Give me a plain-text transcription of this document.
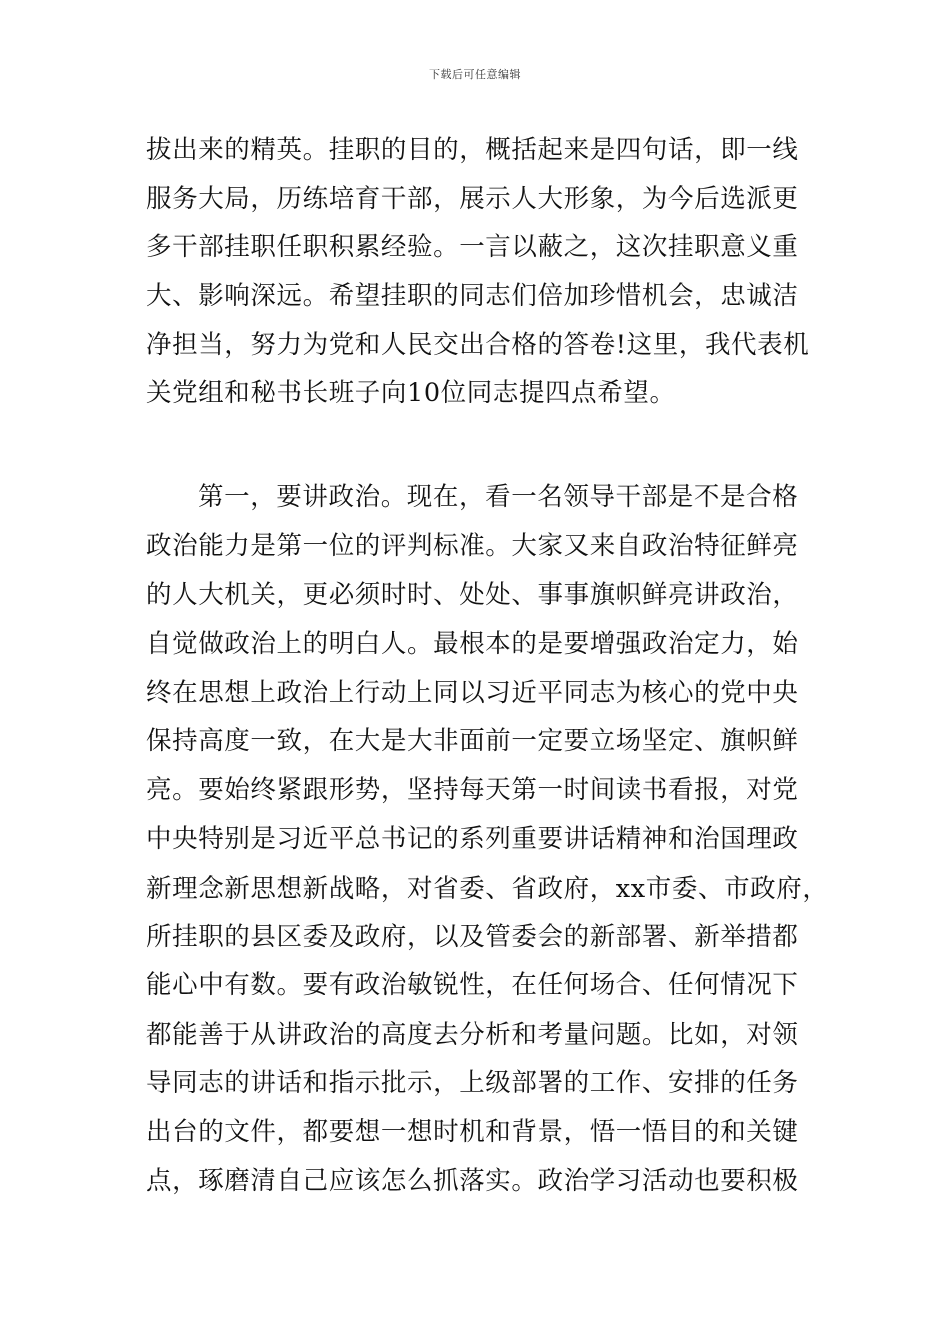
下载后可任意编辑
拔出来的精英。挂职的目的，概括起来是四句话，即一线
服务大局，历练培育干部，展示人大形象，为今后选派更
多干部挂职任职积累经验。一言以蔽之，这次挂职意义重
大、影响深远。希望挂职的同志们倍加珍惜机会，忠诚洁
净担当，努力为党和人民交出合格的答卷!这里，我代表机
关党组和秘书长班子向10位同志提四点希望。
第一，要讲政治。现在，看一名领导干部是不是合格
政治能力是第一位的评判标准。大家又来自政治特征鲜亮
的人大机关，更必须时时、处处、事事旗帜鲜亮讲政治，
自觉做政治上的明白人。最根本的是要增强政治定力，始
终在思想上政治上行动上同以习近平同志为核心的党中央
保持高度一致，在大是大非面前一定要立场坚定、旗帜鲜
亮。要始终紧跟形势，坚持每天第一时间读书看报，对党
中央特别是习近平总书记的系列重要讲话精神和治国理政
新理念新思想新战略，对省委、省政府，xx市委、市政府，
所挂职的县区委及政府，以及管委会的新部署、新举措都
能心中有数。要有政治敏锐性，在任何场合、任何情况下
都能善于从讲政治的高度去分析和考量问题。比如，对领
导同志的讲话和指示批示，上级部署的工作、安排的任务
出台的文件，都要想一想时机和背景，悟一悟目的和关键
点，琢磨清自己应该怎么抓落实。政治学习活动也要积极
